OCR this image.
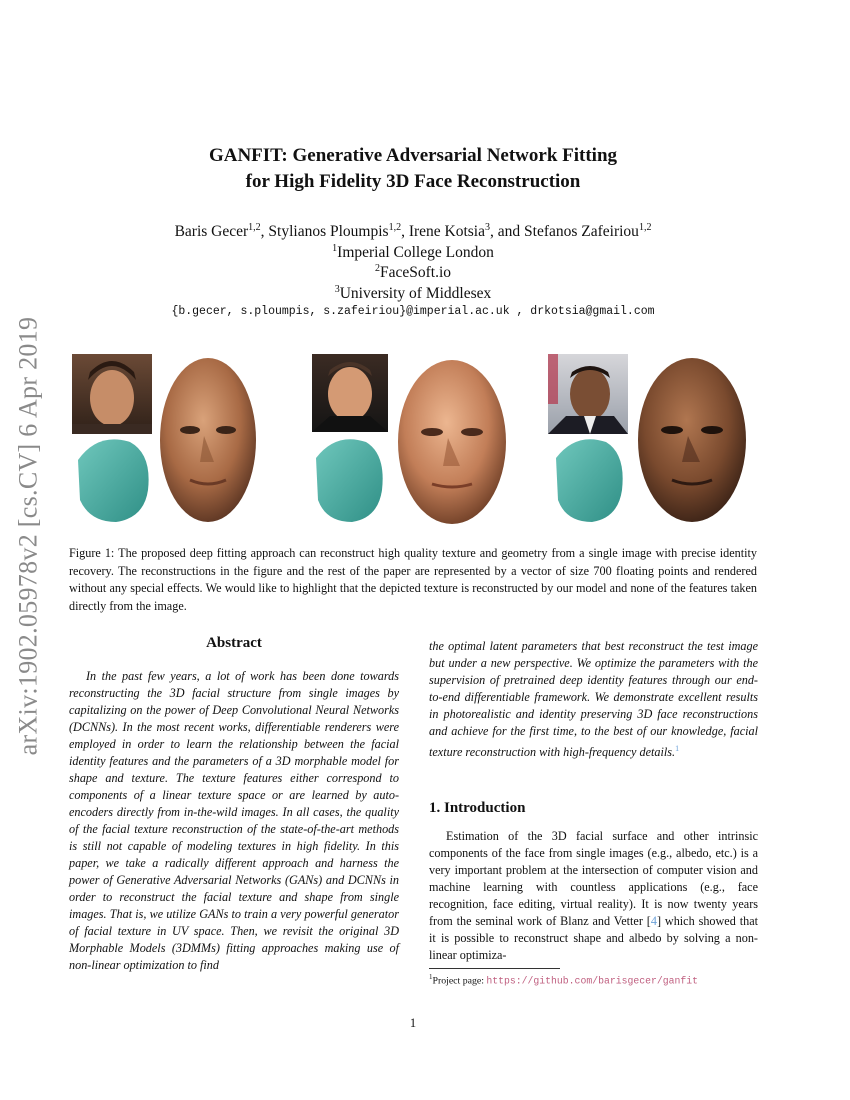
arXiv:1902.05978v2 [cs.CV] 6 Apr 2019
GANFIT: Generative Adversarial Network Fitting
for High Fidelity 3D Face Reconstruction
Baris Gecer$^{1,2}$, Stylianos Ploumpis$^{1,2}$, Irene Kotsia$^3$, and Stefanos Zafeiriou$^{1,2}$
$^1$Imperial College London
$^2$FaceSoft.io
$^3$University of Middlesex
{b.gecer, s.ploumpis, s.zafeiriou}@imperial.ac.uk , drkotsia@gmail.com
Figure 1: The proposed deep fitting approach can reconstruct high quality texture and geometry from a single image with precise identity recovery. The reconstructions in the figure and the rest of the paper are represented by a vector of size 700 floating points and rendered without any special effects. We would like to highlight that the depicted texture is reconstructed by our model and none of the features taken directly from the image.
Abstract

In the past few years, a lot of work has been done towards reconstructing the 3D facial structure from single images by capitalizing on the power of Deep Convolutional Neural Networks (DCNNs). In the most recent works, differentiable renderers were employed in order to learn the relationship between the facial identity features and the parameters of a 3D morphable model for shape and texture. The texture features either correspond to components of a linear texture space or are learned by auto-encoders directly from in-the-wild images. In all cases, the quality of the facial texture reconstruction of the state-of-the-art methods is still not capable of modeling textures in high fidelity. In this paper, we take a radically different approach and harness the power of Generative Adversarial Networks (GANs) and DCNNs in order to reconstruct the facial texture and shape from single images. That is, we utilize GANs to train a very powerful generator of facial texture in UV space. Then, we revisit the original 3D Morphable Models (3DMMs) fitting approaches making use of non-linear optimization to find

the optimal latent parameters that best reconstruct the test image but under a new perspective. We optimize the parameters with the supervision of pretrained deep identity features through our end-to-end differentiable framework. We demonstrate excellent results in photorealistic and identity preserving 3D face reconstructions and achieve for the first time, to the best of our knowledge, facial texture reconstruction with high-frequency details.$^1$

1. Introduction

Estimation of the 3D facial surface and other intrinsic components of the face from single images (e.g., albedo, etc.) is a very important problem at the intersection of computer vision and machine learning with countless applications (e.g., face recognition, face editing, virtual reality). It is now twenty years from the seminal work of Blanz and Vetter [4] which showed that it is possible to reconstruct shape and albedo by solving a non-linear optimiza-

$^1$Project page: https://github.com/barisgecer/ganfit
1
